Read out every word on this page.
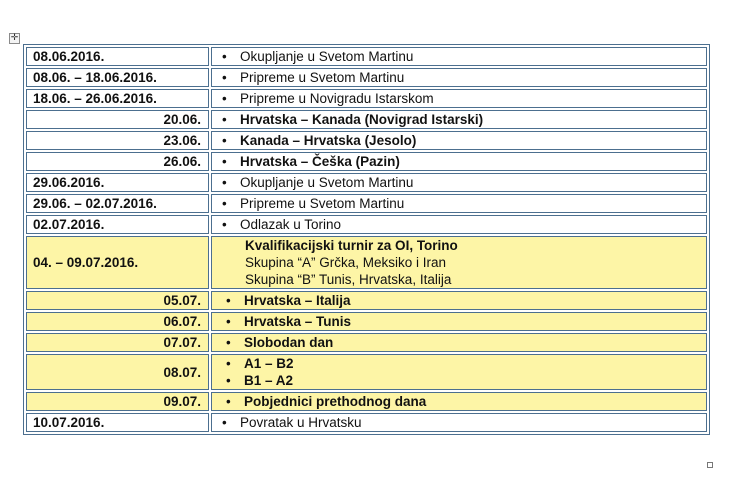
✛
08.06.2016.	• Okupljanje u Svetom Martinu

08.06. – 18.06.2016.	• Pripreme u Svetom Martinu

18.06. – 26.06.2016.	• Pripreme u Novigradu Istarskom

20.06.	• Hrvatska – Kanada (Novigrad Istarski)

23.06.	• Kanada – Hrvatska (Jesolo)

26.06.	• Hrvatska – Češka (Pazin)

29.06.2016.	• Okupljanje u Svetom Martinu

29.06. – 02.07.2016.	• Pripreme u Svetom Martinu

02.07.2016.	• Odlazak u Torino

04. – 09.07.2016.	Kvalifikacijski turnir za OI, Torino
Skupina “A” Grčka, Meksiko i Iran
Skupina “B” Tunis, Hrvatska, Italija

05.07.	• Hrvatska – Italija

06.07.	• Hrvatska – Tunis

07.07.	• Slobodan dan

08.07.	• A1 – B2
• B1 – A2

09.07.	• Pobjednici prethodnog dana

10.07.2016.	• Povratak u Hrvatsku
